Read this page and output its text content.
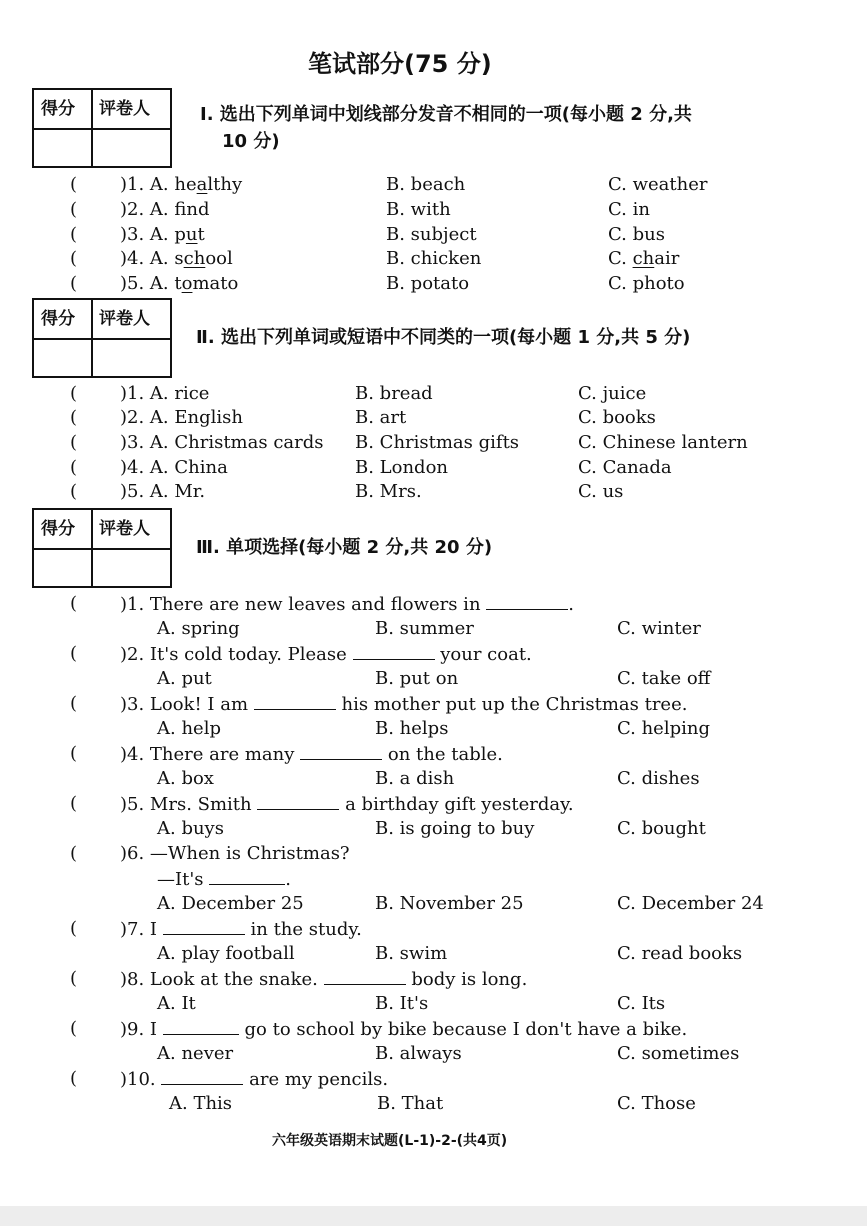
笔试部分(75 分)
得分 评卷人	Ⅰ. 选出下列单词中划线部分发音不相同的一项(每小题 2 分,共
10 分)
( )1. A. healthy	B. beach	C. weather
( )2. A. fnd	B. with	C. in
( )3. A. put	B. subject	C. bus
( )4. A. school	B. chicken	C. chair
( )5. A. tomato	B. potato	C. photo
得分 评卷人
Ⅱ. 选出下列单词或短语中不同类的一项(每小题 1 分,共 5 分)
( )1. A. rice	B. bread	C. juice
( )2. A. English	B. art	C. books
( )3. A. Christmas cards B. Christmas gifts	C. Chinese lantern
( )4. A. China	B. London	C. Canada
( )5. A. Mr.	B. Mrs.	C. us
得分 评卷人
Ⅲ. 单项选择(每小题 2 分,共 20 分)
( )1. There are new leaves and flowers in	.
A. spring	B. summer	C. winter
( )2. It's cold today. Please	your coat.
A. put	B. put on	C. take off
( )3. Look! I am	his mother put up the Christmas tree.
A. help	B. helps	C. helping
( )4. There are many	on the table.
A. box	B. a dish	C. dishes
( )5. Mrs. Smith	a birthday gift yesterday.
A. buys	B. is going to buy	C. bought
( )6. —When is Christmas?
—It's	.
A. December 25	B. November 25	C. December 24
( )7. I	in the study.
A. play football	B. swim	C. read books
( )8. Look at the snake.	body is long.
A. It	B. It's	C. Its
( )9. I	go to school by bike because I don't have a bike.
A. never	B. always	C. sometimes
( )10.	are my pencils.
A. This	B. That	C. Those
六年级英语期末试题(L-1)-2-(共4页)
